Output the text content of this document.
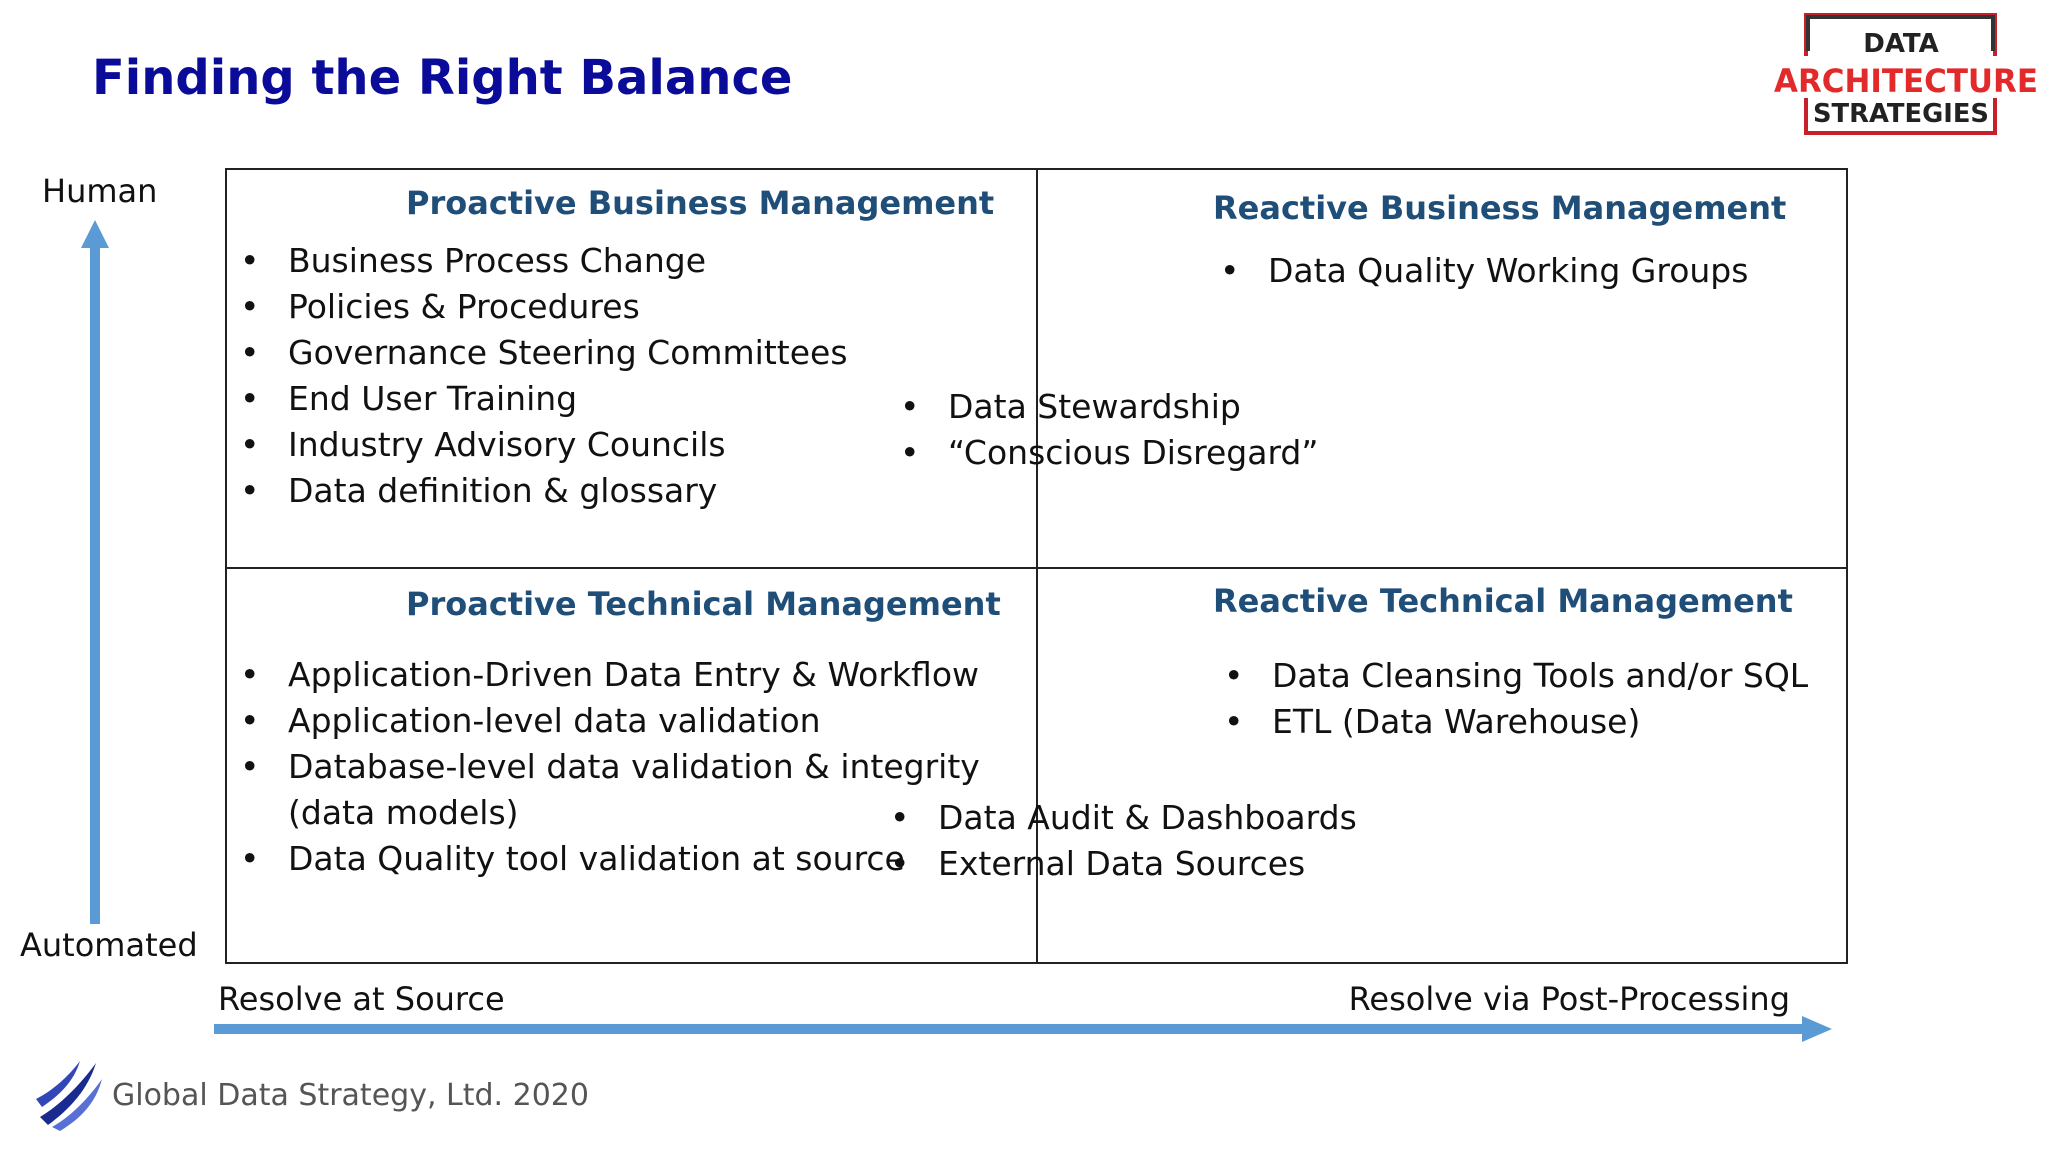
Finding the Right Balance
DATA
ARCHITECTURE
STRATEGIES
Human
Automated
Proactive Business Management
• Business Process Change
• Policies & Procedures
• Governance Steering Committees
• End User Training
• Industry Advisory Councils
• Data definition & glossary
Reactive Business Management
• Data Quality Working Groups
• Data Stewardship
• “Conscious Disregard”
Proactive Technical Management
• Application-Driven Data Entry & Workflow
• Application-level data validation
• Database-level data validation & integrity
(data models)
• Data Quality tool validation at source
Reactive Technical Management
• Data Cleansing Tools and/or SQL
• ETL (Data Warehouse)
• Data Audit & Dashboards
• External Data Sources
Resolve at Source	Resolve via Post-Processing
Global Data Strategy, Ltd. 2020
